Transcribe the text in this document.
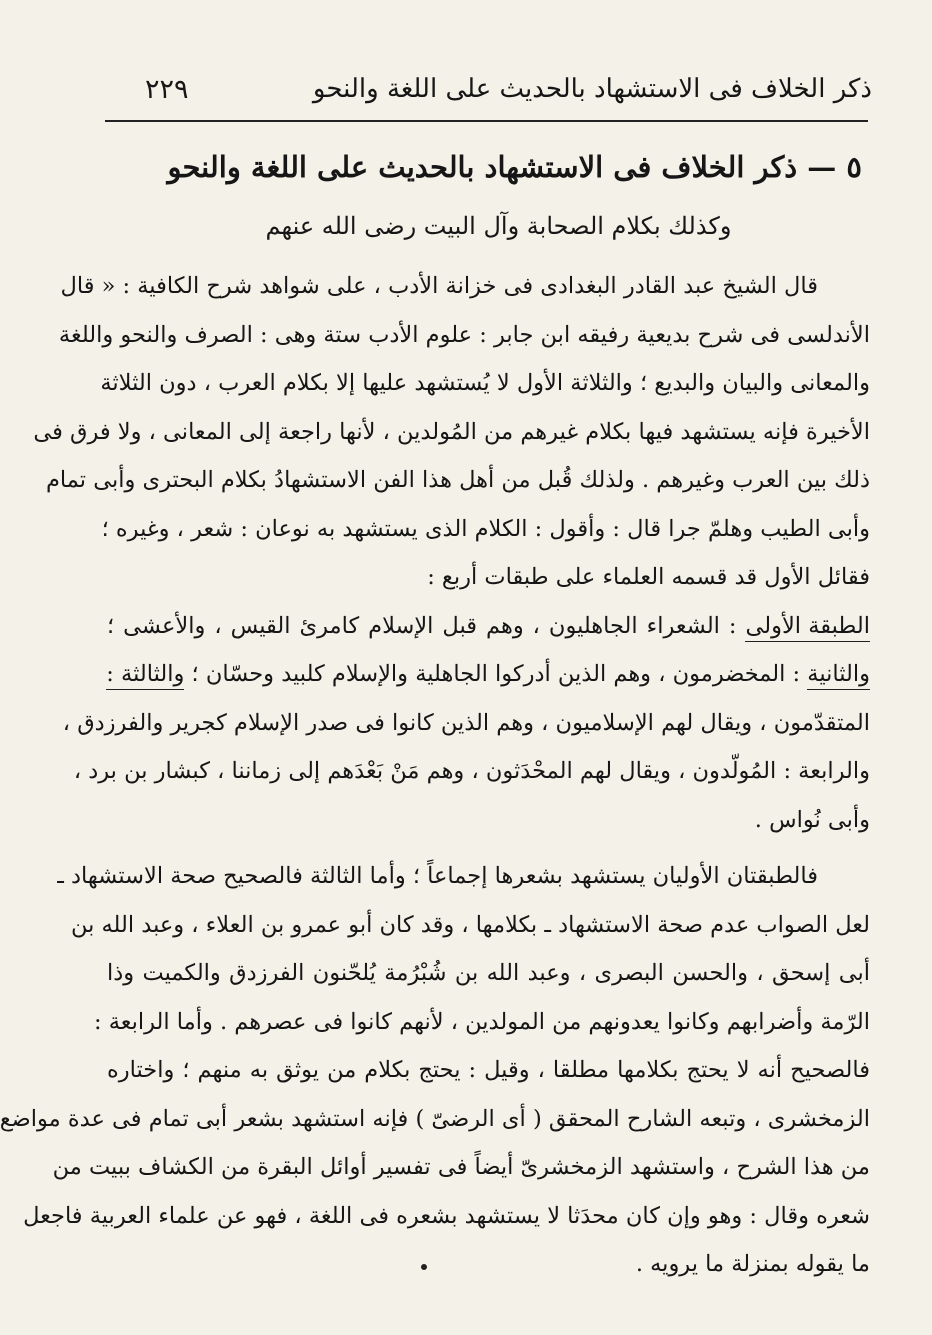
ذكر الخلاف فى الاستشهاد بالحديث على اللغة والنحو
٢٢٩
٥ — ذكر الخلاف فى الاستشهاد بالحديث على اللغة والنحو
وكذلك بكلام الصحابة وآل البيت رضى الله عنهم
قال الشيخ عبد القادر البغدادى فى خزانة الأدب ، على شواهد شرح الكافية : « قال
الأندلسى فى شرح بديعية رفيقه ابن جابر : علوم الأدب ستة وهى : الصرف والنحو واللغة
والمعانى والبيان والبديع ؛ والثلاثة الأول لا يُستشهد عليها إلا بكلام العرب ، دون الثلاثة
الأخيرة فإنه يستشهد فيها بكلام غيرهم من المُولدين ، لأنها راجعة إلى المعانى ، ولا فرق فى
ذلك بين العرب وغيرهم . ولذلك قُبل من أهل هذا الفن الاستشهادُ بكلام البحترى وأبى تمام
وأبى الطيب وهلمّ جرا قال : وأقول : الكلام الذى يستشهد به نوعان : شعر ، وغيره ؛
فقائل الأول قد قسمه العلماء على طبقات أربع :
الطبقة الأولى : الشعراء الجاهليون ، وهم قبل الإسلام كامرئ القيس ، والأعشى ؛
والثانية : المخضرمون ، وهم الذين أدركوا الجاهلية والإسلام كلبيد وحسّان ؛ والثالثة :
المتقدّمون ، ويقال لهم الإسلاميون ، وهم الذين كانوا فى صدر الإسلام كجرير والفرزدق ،
والرابعة : المُولّدون ، ويقال لهم المحْدَثون ، وهم مَنْ بَعْدَهم إلى زماننا ، كبشار بن برد ،
وأبى نُواس .
فالطبقتان الأوليان يستشهد بشعرها إجماعاً ؛ وأما الثالثة فالصحيح صحة الاستشهاد ـ
لعل الصواب عدم صحة الاستشهاد ـ بكلامها ، وقد كان أبو عمرو بن العلاء ، وعبد الله بن
أبى إسحق ، والحسن البصرى ، وعبد الله بن شُبْرُمة يُلحّنون الفرزدق والكميت وذا
الرّمة وأضرابهم وكانوا يعدونهم من المولدين ، لأنهم كانوا فى عصرهم . وأما الرابعة :
فالصحيح أنه لا يحتج بكلامها مطلقا ، وقيل : يحتج بكلام من يوثق به منهم ؛ واختاره
الزمخشرى ، وتبعه الشارح المحقق ( أى الرضىّ ) فإنه استشهد بشعر أبى تمام فى عدة مواضع
من هذا الشرح ، واستشهد الزمخشرىّ أيضاً فى تفسير أوائل البقرة من الكشاف ببيت من
شعره وقال : وهو وإن كان محدَثا لا يستشهد بشعره فى اللغة ، فهو عن علماء العربية فاجعل
ما يقوله بمنزلة ما يرويه .
